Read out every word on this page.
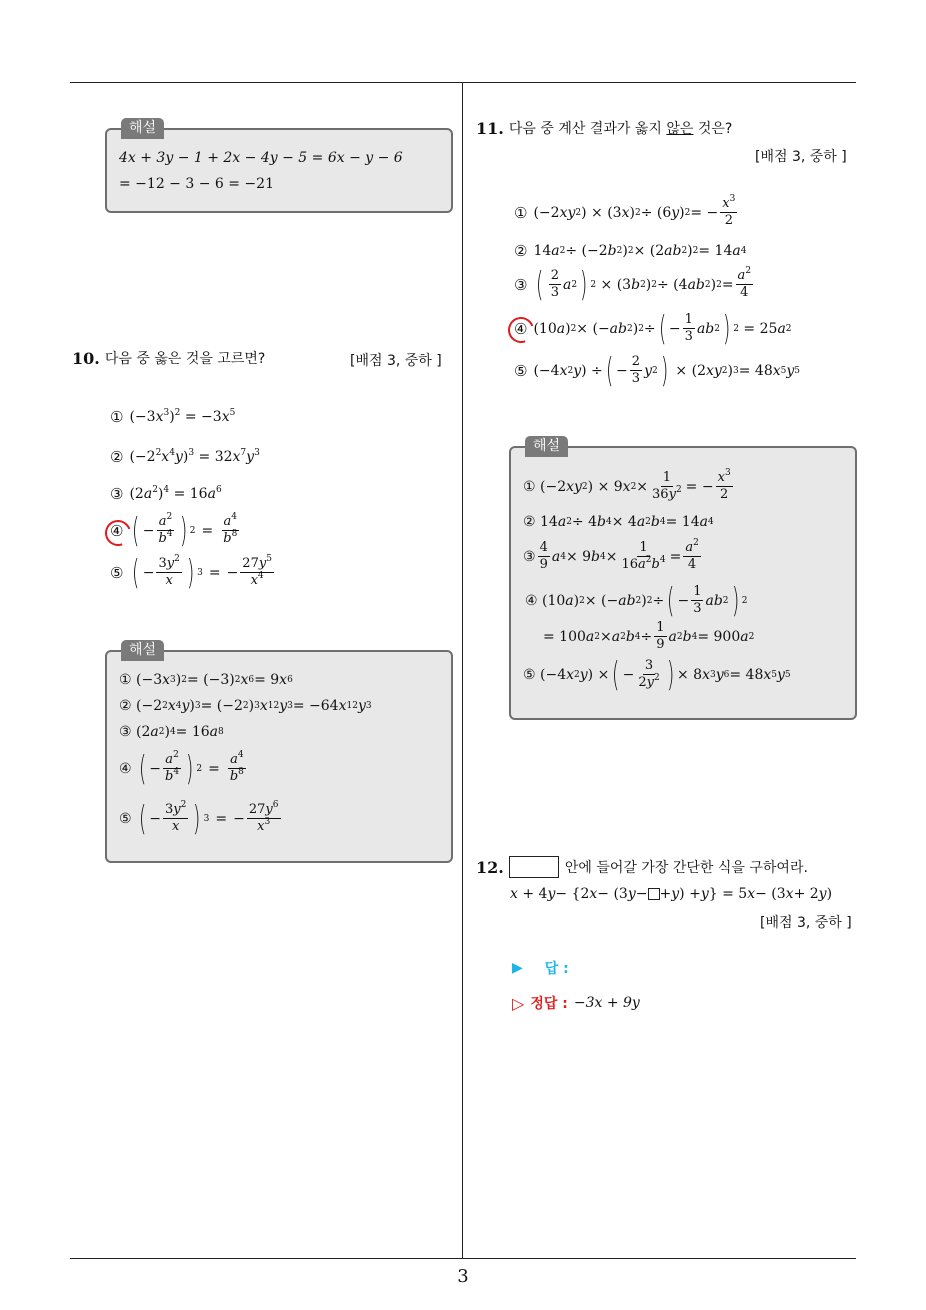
3
해설
4x + 3y − 1 + 2x − 4y − 5 = 6x − y − 6
= −12 − 3 − 6 = −21
10. 다음 중 옳은 것을 고르면?	[배점 3, 중하 ]
① $(-3x^3)^2 = -3x^5$
② $(-2^2x^4y)^3 = 32x^7y^3$
③ $(2a^2)^4 = 16a^6$
④ ( − $\frac{a^2}{b^4}$ ) $2 = \frac{a^4}{b^8}$
⑤ ( − $\frac{3y^2}{x}$ ) 3 = − $\frac{27y^5}{x^4}$
해설
① (−3 x 3 ) 2 = (−3) 2 x 6 = 9 x 6
② (−2 2 x 4 y ) 3 = (−2 2 ) 3 x 12 y 3 = −64 x 12 y 3
③ (2 a 2 ) 4 = 16 a 8
④ ( − $\frac{a^2}{b^4}$ ) $2 = \frac{a^4}{b^8}$
⑤ ( − $\frac{3y^2}{x}$ ) 3 = − $\frac{27y^6}{x^3}$
11. 다음 중 계산 결과가 옳지 않은 것은?
[배점 3, 중하 ]
① (−2 xy 2 ) × (3 x ) 2 ÷ (6 y ) 2 = − $\frac{x^3}{2}$
② 14 a 2 ÷ (−2 b 2 ) 2 × (2 ab 2 ) 2 = 14 a 4
③ ( $\frac{2}{3}$ a 2 ) 2 × (3 b 2 ) 2 ÷ (4 ab 2 ) $2 = \frac{a^2}{4}$
④ (10 a ) 2 × (− ab 2 ) 2 ÷ ( − $\frac{1}{3}$ ab 2 ) 2 = 25 a 2
⑤ (−4 x 2 y ) ÷ ( − $\frac{2}{3}$ y 2 ) × (2 xy 2 ) 3 = 48 x 5 y 5
해설
① (−2 xy 2 ) × 9 x $2 \times \frac{1}{36y^2}$ = − $\frac{x^3}{2}$
② 14 a 2 ÷ 4 b 4 × 4 a 2 b 4 = 14 a 4
③ $\frac{4}{9}$ a 4 × 9 b $4 \times \frac{1}{16a^2b^4} = \frac{a^2}{4}$
④ (10 a ) 2 × (− ab 2 ) 2 ÷ ( − $\frac{1}{3}$ ab 2 ) 2
= 100 a 2 × a 2 b $4 \div \frac{1}{9}$ a 2 b 4 = 900 a 2
⑤ (−4 x 2 y ) × ( − $\frac{3}{2y^2}$ ) × 8 x 3 y 6 = 48 x 5 y 5
12.	안에 들어갈 가장 간단한 식을 구하여라.
x + 4 y − {2 x − (3 y −
+ y ) + y } = 5 x − (3 x + 2 y )
[배점 3, 중하 ]
▶ 답 :
▷ 정답 : −3x + 9y
